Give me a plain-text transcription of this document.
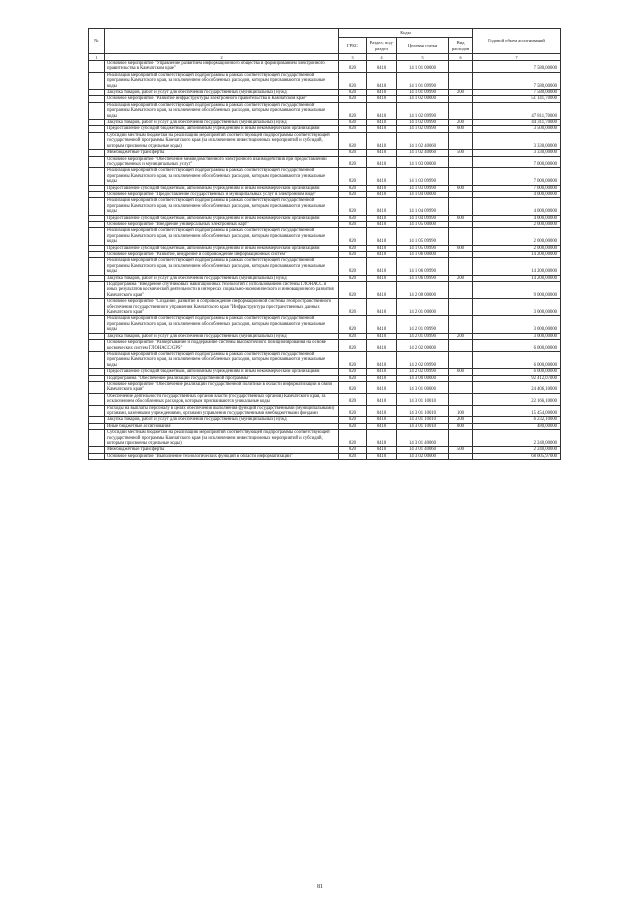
№		Коды				Годовой объем ассигнований
		ГРБС	Раздел, под-раздел	Целевая статья	Вид расходов	
1	2	3	4	5	6	7
	Основное мероприятие "Управление развитием информационного общества и формированием электронного правительства в Камчатском крае"	820	0410	14 1 01 00000		7 580,00000
	Реализация мероприятий соответствующей подпрограммы в рамках соответствующей государственной программы Камчатского края, за исключением обособленных расходов, которым присваиваются уникальные коды	820	0410	14 1 01 09990		7 580,00000
	Закупка товаров, работ и услуг для обеспечения государственных (муниципальных) нужд	820	0410	14 1 01 09990	200	7 580,00000
	Основное мероприятие "Развитие инфраструктуры электронного правительства в Камчатском крае"	820	0410	14 1 02 00000		51 141,70000
	Реализация мероприятий соответствующей подпрограммы в рамках соответствующей государственной программы Камчатского края, за исключением обособленных расходов, которым присваиваются уникальные коды	820	0410	14 1 02 09990		47 811,70000
	Закупка товаров, работ и услуг для обеспечения государственных (муниципальных) нужд	820	0410	14 1 02 09990	200	44 311,70000
	Предоставление субсидий бюджетным, автономным учреждениям и иным некоммерческим организациям	820	0410	14 1 02 09990	600	3 500,00000
	Субсидии местным бюджетам на реализацию мероприятий соответствующей подпрограммы соответствующей государственной программы Камчатского края (за исключением инвестиционных мероприятий и субсидий, которым присвоены отдельные коды)	820	0410	14 1 02 40060		3 330,00000
	Межбюджетные трансферты	820	0410	14 1 02 40060	500	3 330,00000
	Основное мероприятие "Обеспечение межведомственного электронного взаимодействия при предоставлении государственных и муниципальных услуг"	820	0410	14 1 03 00000		7 000,00000
	Реализация мероприятий соответствующей подпрограммы в рамках соответствующей государственной программы Камчатского края, за исключением обособленных расходов, которым присваиваются уникальные коды	820	0410	14 1 03 09990		7 000,00000
	Предоставление субсидий бюджетным, автономным учреждениям и иным некоммерческим организациям	820	0410	14 1 03 09990	600	7 000,00000
	Основное мероприятие "Предоставление государственных и муниципальных услуг в электронном виде"	820	0410	14 1 04 00000		4 000,00000
	Реализация мероприятий соответствующей подпрограммы в рамках соответствующей государственной программы Камчатского края, за исключением обособленных расходов, которым присваиваются уникальные коды	820	0410	14 1 04 09990		4 000,00000
	Предоставление субсидий бюджетным, автономным учреждениям и иным некоммерческим организациям	820	0410	14 1 04 09990	600	4 000,00000
	Основное мероприятие "Внедрение универсальных электронных карт"	820	0410	14 1 05 00000		2 000,00000
	Реализация мероприятий соответствующей подпрограммы в рамках соответствующей государственной программы Камчатского края, за исключением обособленных расходов, которым присваиваются уникальные коды	820	0410	14 1 05 09990		2 000,00000
	Предоставление субсидий бюджетным, автономным учреждениям и иным некоммерческим организациям	820	0410	14 1 05 09990	600	2 000,00000
	Основное мероприятие "Развитие, внедрение и сопровождение информационных систем"	820	0410	14 1 06 00000		14 200,00000
	Реализация мероприятий соответствующей подпрограммы в рамках соответствующей государственной программы Камчатского края, за исключением обособленных расходов, которым присваиваются уникальные коды	820	0410	14 1 06 09990		14 200,00000
	Закупка товаров, работ и услуг для обеспечения государственных (муниципальных) нужд	820	0410	14 1 06 09990	200	14 200,00000
	Подпрограмма "Внедрение спутниковых навигационных технологий с использованием системы ГЛОНАСС и иных результатов космической деятельности в интересах социально-экономического и инновационного развития Камчатского края"	820	0410	14 2 00 00000		9 000,00000
	Основное мероприятие "Создание, развитие и сопровождение информационной системы геопространственного обеспечения государственного управления Камчатского края "Инфраструктура пространственных данных Камчатского края"	820	0410	14 2 01 00000		3 000,00000
	Реализация мероприятий соответствующей подпрограммы в рамках соответствующей государственной программы Камчатского края, за исключением обособленных расходов, которым присваиваются уникальные коды	820	0410	14 2 01 09990		3 000,00000
	Закупка товаров, работ и услуг для обеспечения государственных (муниципальных) нужд	820	0410	14 2 01 09990	200	3 000,00000
	Основное мероприятие "Развертывание и поддержание системы высокоточного позиционирования на основе космических систем ГЛОНАСС/GPS"	820	0410	14 2 02 00000		6 000,00000
	Реализация мероприятий соответствующей подпрограммы в рамках соответствующей государственной программы Камчатского края, за исключением обособленных расходов, которым присваиваются уникальные коды	820	0410	14 2 02 09990		6 000,00000
	Предоставление субсидий бюджетным, автономным учреждениям и иным некоммерческим организациям	820	0410	14 2 02 09990	600	6 000,00000
	Подпрограмма "Обеспечение реализации государственной программы"	820	0410	14 3 00 00000		92 412,07000
	Основное мероприятие "Обеспечение реализации государственной политики в области информатизации и связи Камчатского края"	820	0410	14 3 01 00000		24 406,10000
	Обеспечение деятельности государственных органов власти (государственных органов) Камчатского края, за исключением обособленных расходов, которым присваиваются уникальные коды	820	0410	14 3 01 10010		22 166,10000
	Расходы на выплаты персоналу в целях обеспечения выполнения функций государственными (муниципальными) органами, казенными учреждениями, органами управления государственными внебюджетными фондами	820	0410	14 3 01 10010	100	15 454,00000
	Закупка товаров, работ и услуг для обеспечения государственных (муниципальных) нужд	820	0410	14 3 01 10010	200	6 232,10000
	Иные бюджетные ассигнования	820	0410	14 3 01 10010	800	480,00000
	Субсидии местным бюджетам на реализацию мероприятий соответствующей подпрограммы соответствующей государственной программы Камчатского края (за исключением инвестиционных мероприятий и субсидий, которым присвоены отдельные коды)	820	0410	14 3 01 40060		2 240,00000
	Межбюджетные трансферты	820	0410	14 3 01 40060	500	2 240,00000
	Основное мероприятие "Выполнение технологических функций в области информатизации"	820	0410	14 3 02 00000		68 005,97000
81
